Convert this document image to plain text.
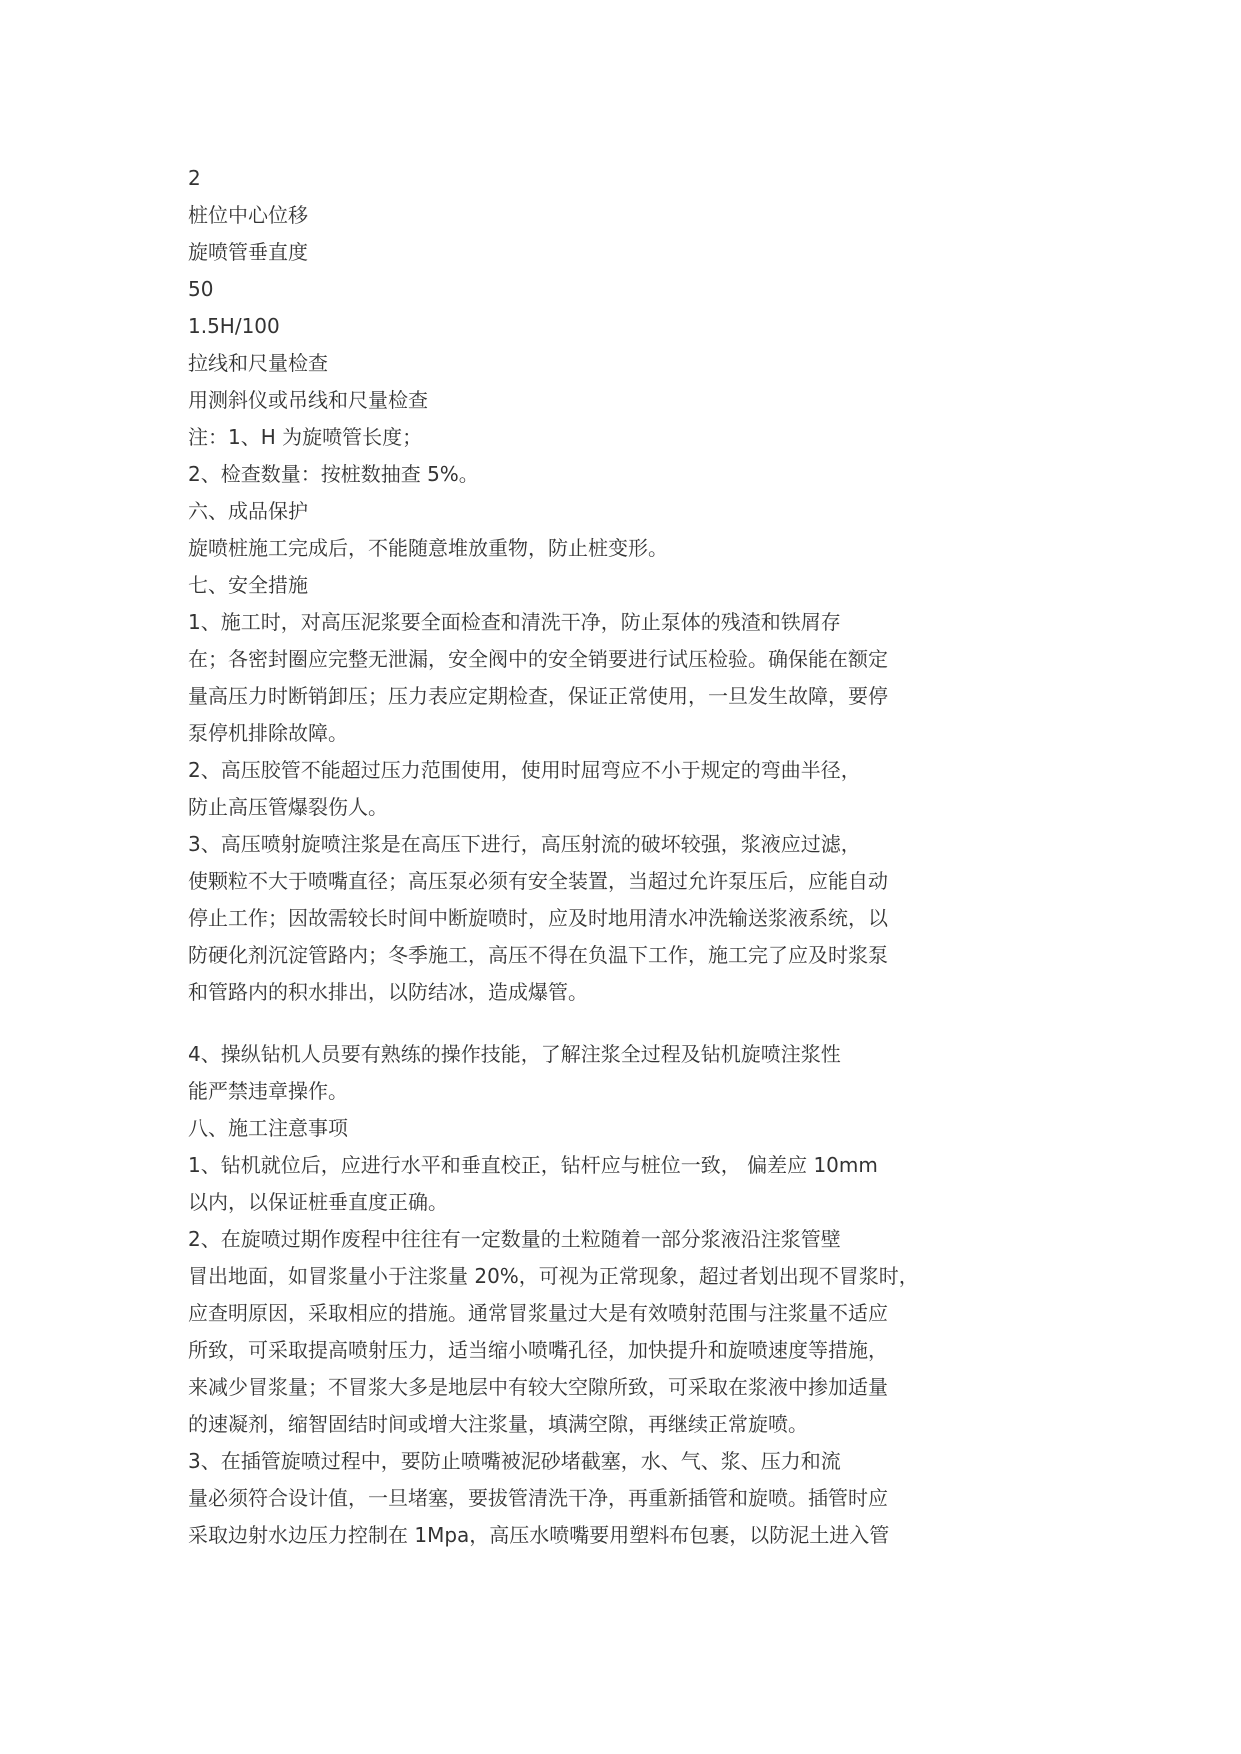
2
桩位中心位移
旋喷管垂直度
50
1.5H/100
拉线和尺量检查
用测斜仪或吊线和尺量检查
注：1、H 为旋喷管长度；
2、检查数量：按桩数抽查 5%。
六、成品保护
旋喷桩施工完成后，不能随意堆放重物，防止桩变形。
七、安全措施
1、施工时，对高压泥浆要全面检查和清洗干净，防止泵体的残渣和铁屑存
在；各密封圈应完整无泄漏，安全阀中的安全销要进行试压检验。确保能在额定
量高压力时断销卸压；压力表应定期检查，保证正常使用，一旦发生故障，要停
泵停机排除故障。
2、高压胶管不能超过压力范围使用，使用时屈弯应不小于规定的弯曲半径，
防止高压管爆裂伤人。
3、高压喷射旋喷注浆是在高压下进行，高压射流的破坏较强，浆液应过滤，
使颗粒不大于喷嘴直径；高压泵必须有安全装置，当超过允许泵压后，应能自动
停止工作；因故需较长时间中断旋喷时，应及时地用清水冲洗输送浆液系统，以
防硬化剂沉淀管路内；冬季施工，高压不得在负温下工作，施工完了应及时浆泵
和管路内的积水排出，以防结冰，造成爆管。
4、操纵钻机人员要有熟练的操作技能，了解注浆全过程及钻机旋喷注浆性
能严禁违章操作。
八、施工注意事项
1、钻机就位后，应进行水平和垂直校正，钻杆应与桩位一致， 偏差应 10mm
以内，以保证桩垂直度正确。
2、在旋喷过期作废程中往往有一定数量的土粒随着一部分浆液沿注浆管壁
冒出地面，如冒浆量小于注浆量 20%，可视为正常现象，超过者划出现不冒浆时，
应查明原因，采取相应的措施。通常冒浆量过大是有效喷射范围与注浆量不适应
所致，可采取提高喷射压力，适当缩小喷嘴孔径，加快提升和旋喷速度等措施，
来减少冒浆量；不冒浆大多是地层中有较大空隙所致，可采取在浆液中掺加适量
的速凝剂，缩智固结时间或增大注浆量，填满空隙，再继续正常旋喷。
3、在插管旋喷过程中，要防止喷嘴被泥砂堵截塞，水、气、浆、压力和流
量必须符合设计值，一旦堵塞，要拔管清洗干净，再重新插管和旋喷。插管时应
采取边射水边压力控制在 1Mpa，高压水喷嘴要用塑料布包裹，以防泥土进入管
